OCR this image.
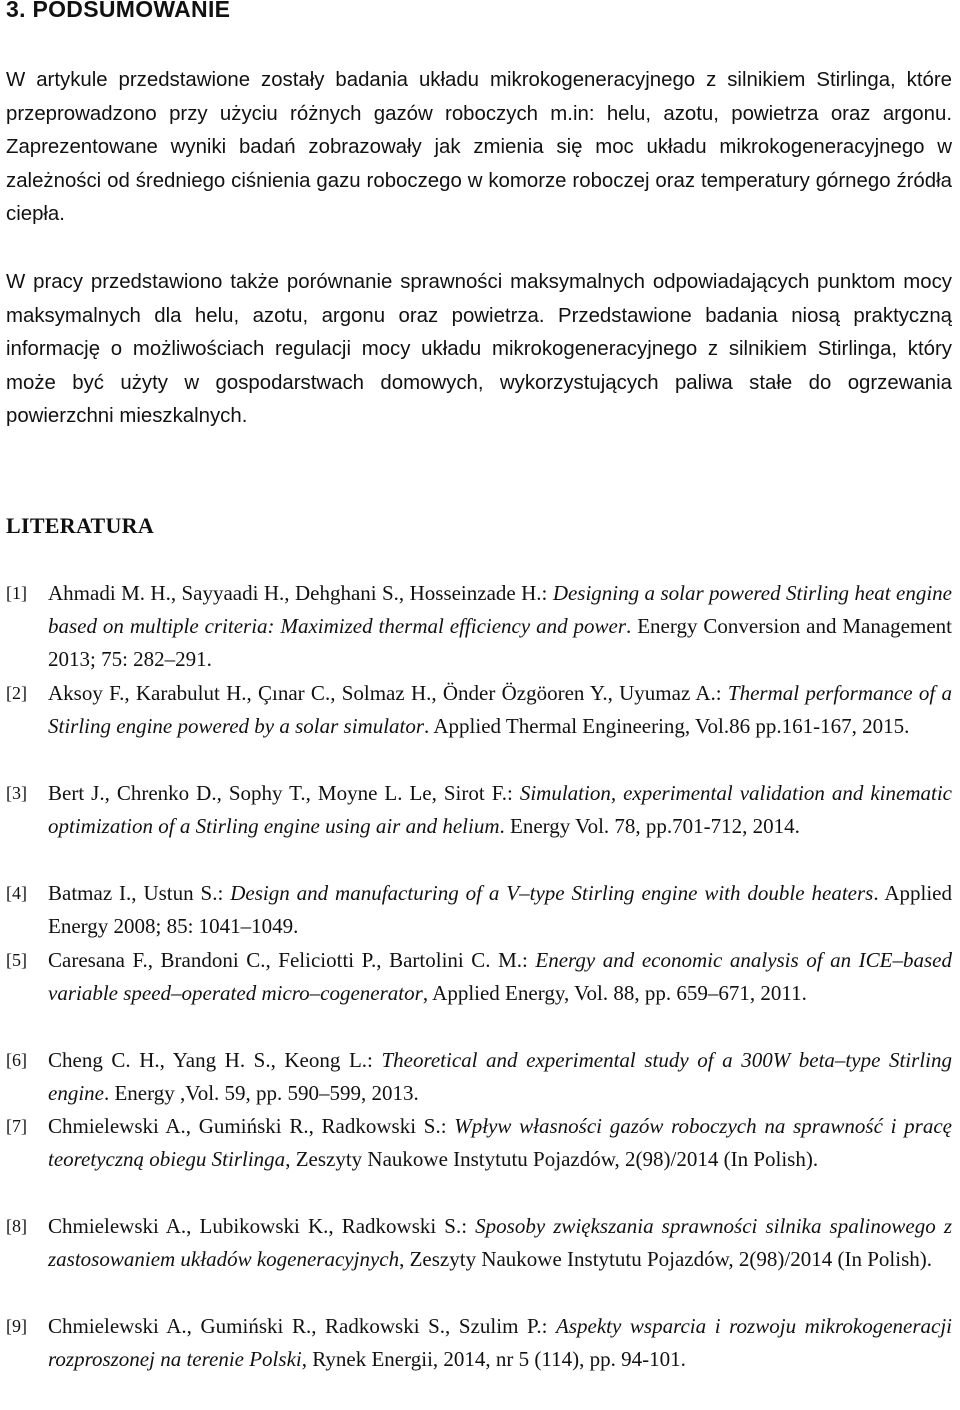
3. PODSUMOWANIE

W artykule przedstawione zostały badania układu mikrokogeneracyjnego z silnikiem Stirlinga, które przeprowadzono przy użyciu różnych gazów roboczych m.in: helu, azotu, powietrza oraz argonu. Zaprezentowane wyniki badań zobrazowały jak zmienia się moc układu mikrokogeneracyjnego w zależności od średniego ciśnienia gazu roboczego w komorze roboczej oraz temperatury górnego źródła ciepła.

W pracy przedstawiono także porównanie sprawności maksymalnych odpowiadających punktom mocy maksymalnych dla helu, azotu, argonu oraz powietrza. Przedstawione badania niosą praktyczną informację o możliwościach regulacji mocy układu mikrokogeneracyjnego z silnikiem Stirlinga, który może być użyty w gospodarstwach domowych, wykorzystujących paliwa stałe do ogrzewania powierzchni mieszkalnych.

LITERATURA

[1] Ahmadi M. H., Sayyaadi H., Dehghani S., Hosseinzade H.: Designing a solar powered Stirling heat engine based on multiple criteria: Maximized thermal efficiency and power. Energy Conversion and Management 2013; 75: 282–291.

[2] Aksoy F., Karabulut H., Çınar C., Solmaz H., Önder Özgöoren Y., Uyumaz A.: Thermal performance of a Stirling engine powered by a solar simulator. Applied Thermal Engineering, Vol.86 pp.161-167, 2015.

[3] Bert J., Chrenko D., Sophy T., Moyne L. Le, Sirot F.: Simulation, experimental validation and kinematic optimization of a Stirling engine using air and helium. Energy Vol. 78, pp.701-712, 2014.

[4] Batmaz I., Ustun S.: Design and manufacturing of a V–type Stirling engine with double heaters. Applied Energy 2008; 85: 1041–1049.

[5] Caresana F., Brandoni C., Feliciotti P., Bartolini C. M.: Energy and economic analysis of an ICE–based variable speed–operated micro–cogenerator, Applied Energy, Vol. 88, pp. 659–671, 2011.

[6] Cheng C. H., Yang H. S., Keong L.: Theoretical and experimental study of a 300W beta–type Stirling engine. Energy ,Vol. 59, pp. 590–599, 2013.

[7] Chmielewski A., Gumiński R., Radkowski S.: Wpływ własności gazów roboczych na sprawność i pracę teoretyczną obiegu Stirlinga, Zeszyty Naukowe Instytutu Pojazdów, 2(98)/2014 (In Polish).

[8] Chmielewski A., Lubikowski K., Radkowski S.: Sposoby zwiększania sprawności silnika spalinowego z zastosowaniem układów kogeneracyjnych, Zeszyty Naukowe Instytutu Pojazdów, 2(98)/2014 (In Polish).

[9] Chmielewski A., Gumiński R., Radkowski S., Szulim P.: Aspekty wsparcia i rozwoju mikrokogeneracji rozproszonej na terenie Polski, Rynek Energii, 2014, nr 5 (114), pp. 94-101.
